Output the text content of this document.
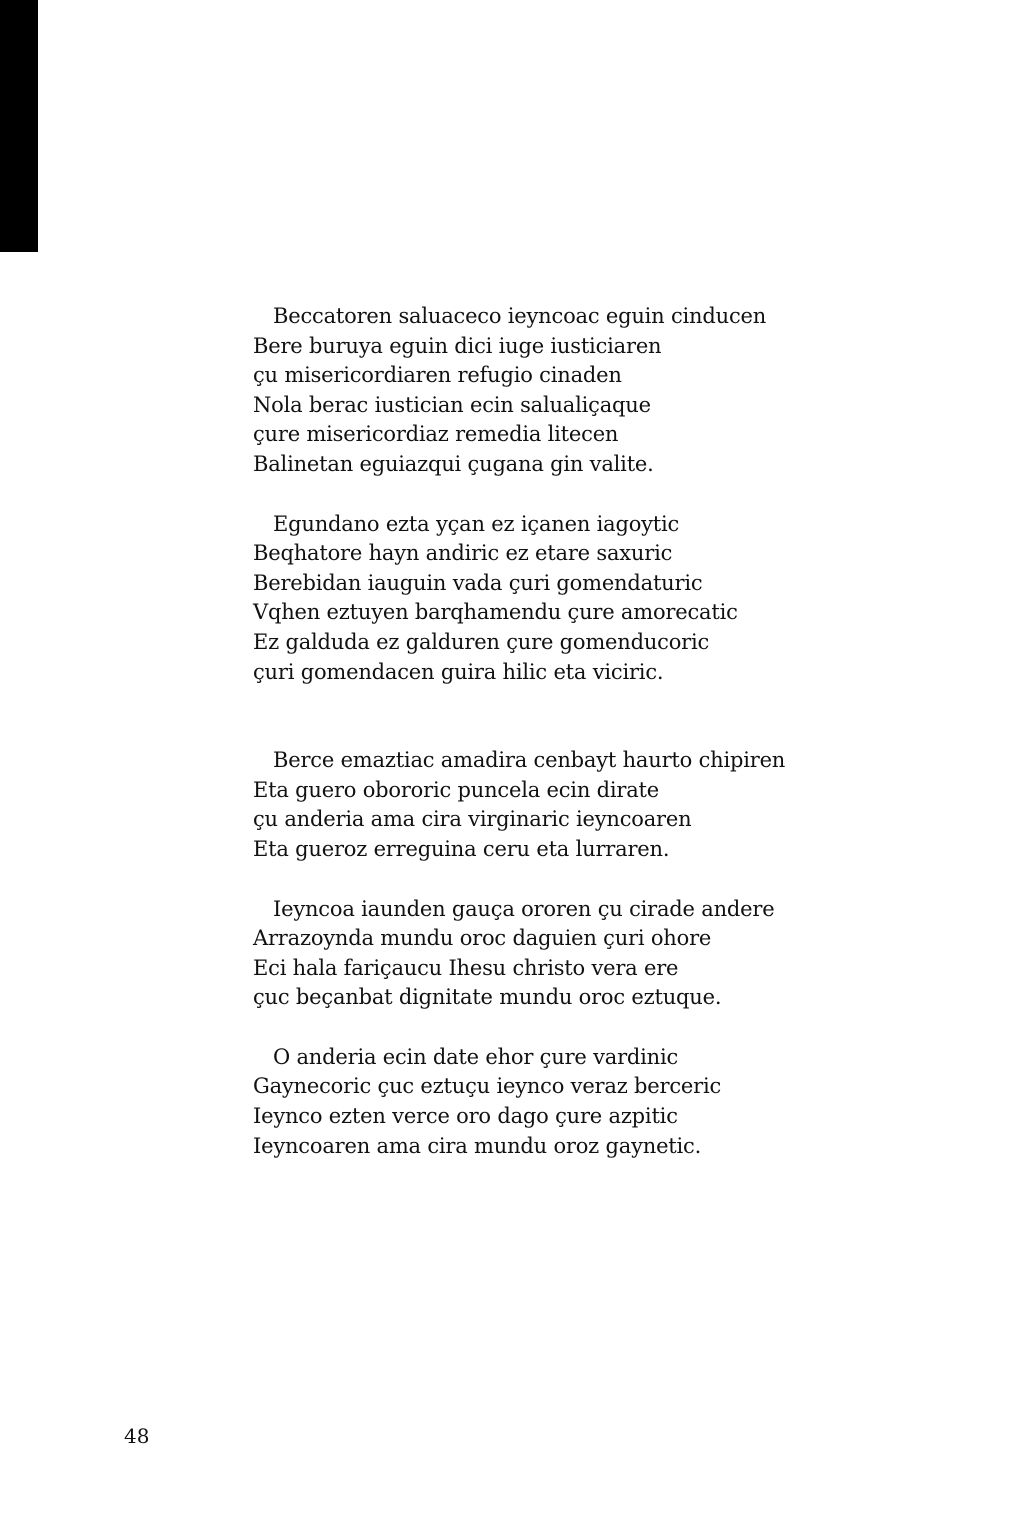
Beccatoren saluaceco ieyncoac eguin cinducen
Bere buruya eguin dici iuge iusticiaren
çu misericordiaren refugio cinaden
Nola berac iustician ecin salualiçaque
çure misericordiaz remedia litecen
Balinetan eguiazqui çugana gin valite.
Egundano ezta yçan ez içanen iagoytic
Beqhatore hayn andiric ez etare saxuric
Berebidan iauguin vada çuri gomendaturic
Vqhen eztuyen barqhamendu çure amorecatic
Ez galduda ez galduren çure gomenducoric
çuri gomendacen guira hilic eta viciric.
Berce emaztiac amadira cenbayt haurto chipiren
Eta guero obororic puncela ecin dirate
çu anderia ama cira virginaric ieyncoaren
Eta gueroz erreguina ceru eta lurraren.
Ieyncoa iaunden gauça ororen çu cirade andere
Arrazoynda mundu oroc daguien çuri ohore
Eci hala fariçaucu Ihesu christo vera ere
çuc beçanbat dignitate mundu oroc eztuque.
O anderia ecin date ehor çure vardinic
Gaynecoric çuc eztuçu ieynco veraz berceric
Ieynco ezten verce oro dago çure azpitic
Ieyncoaren ama cira mundu oroz gaynetic.
48
